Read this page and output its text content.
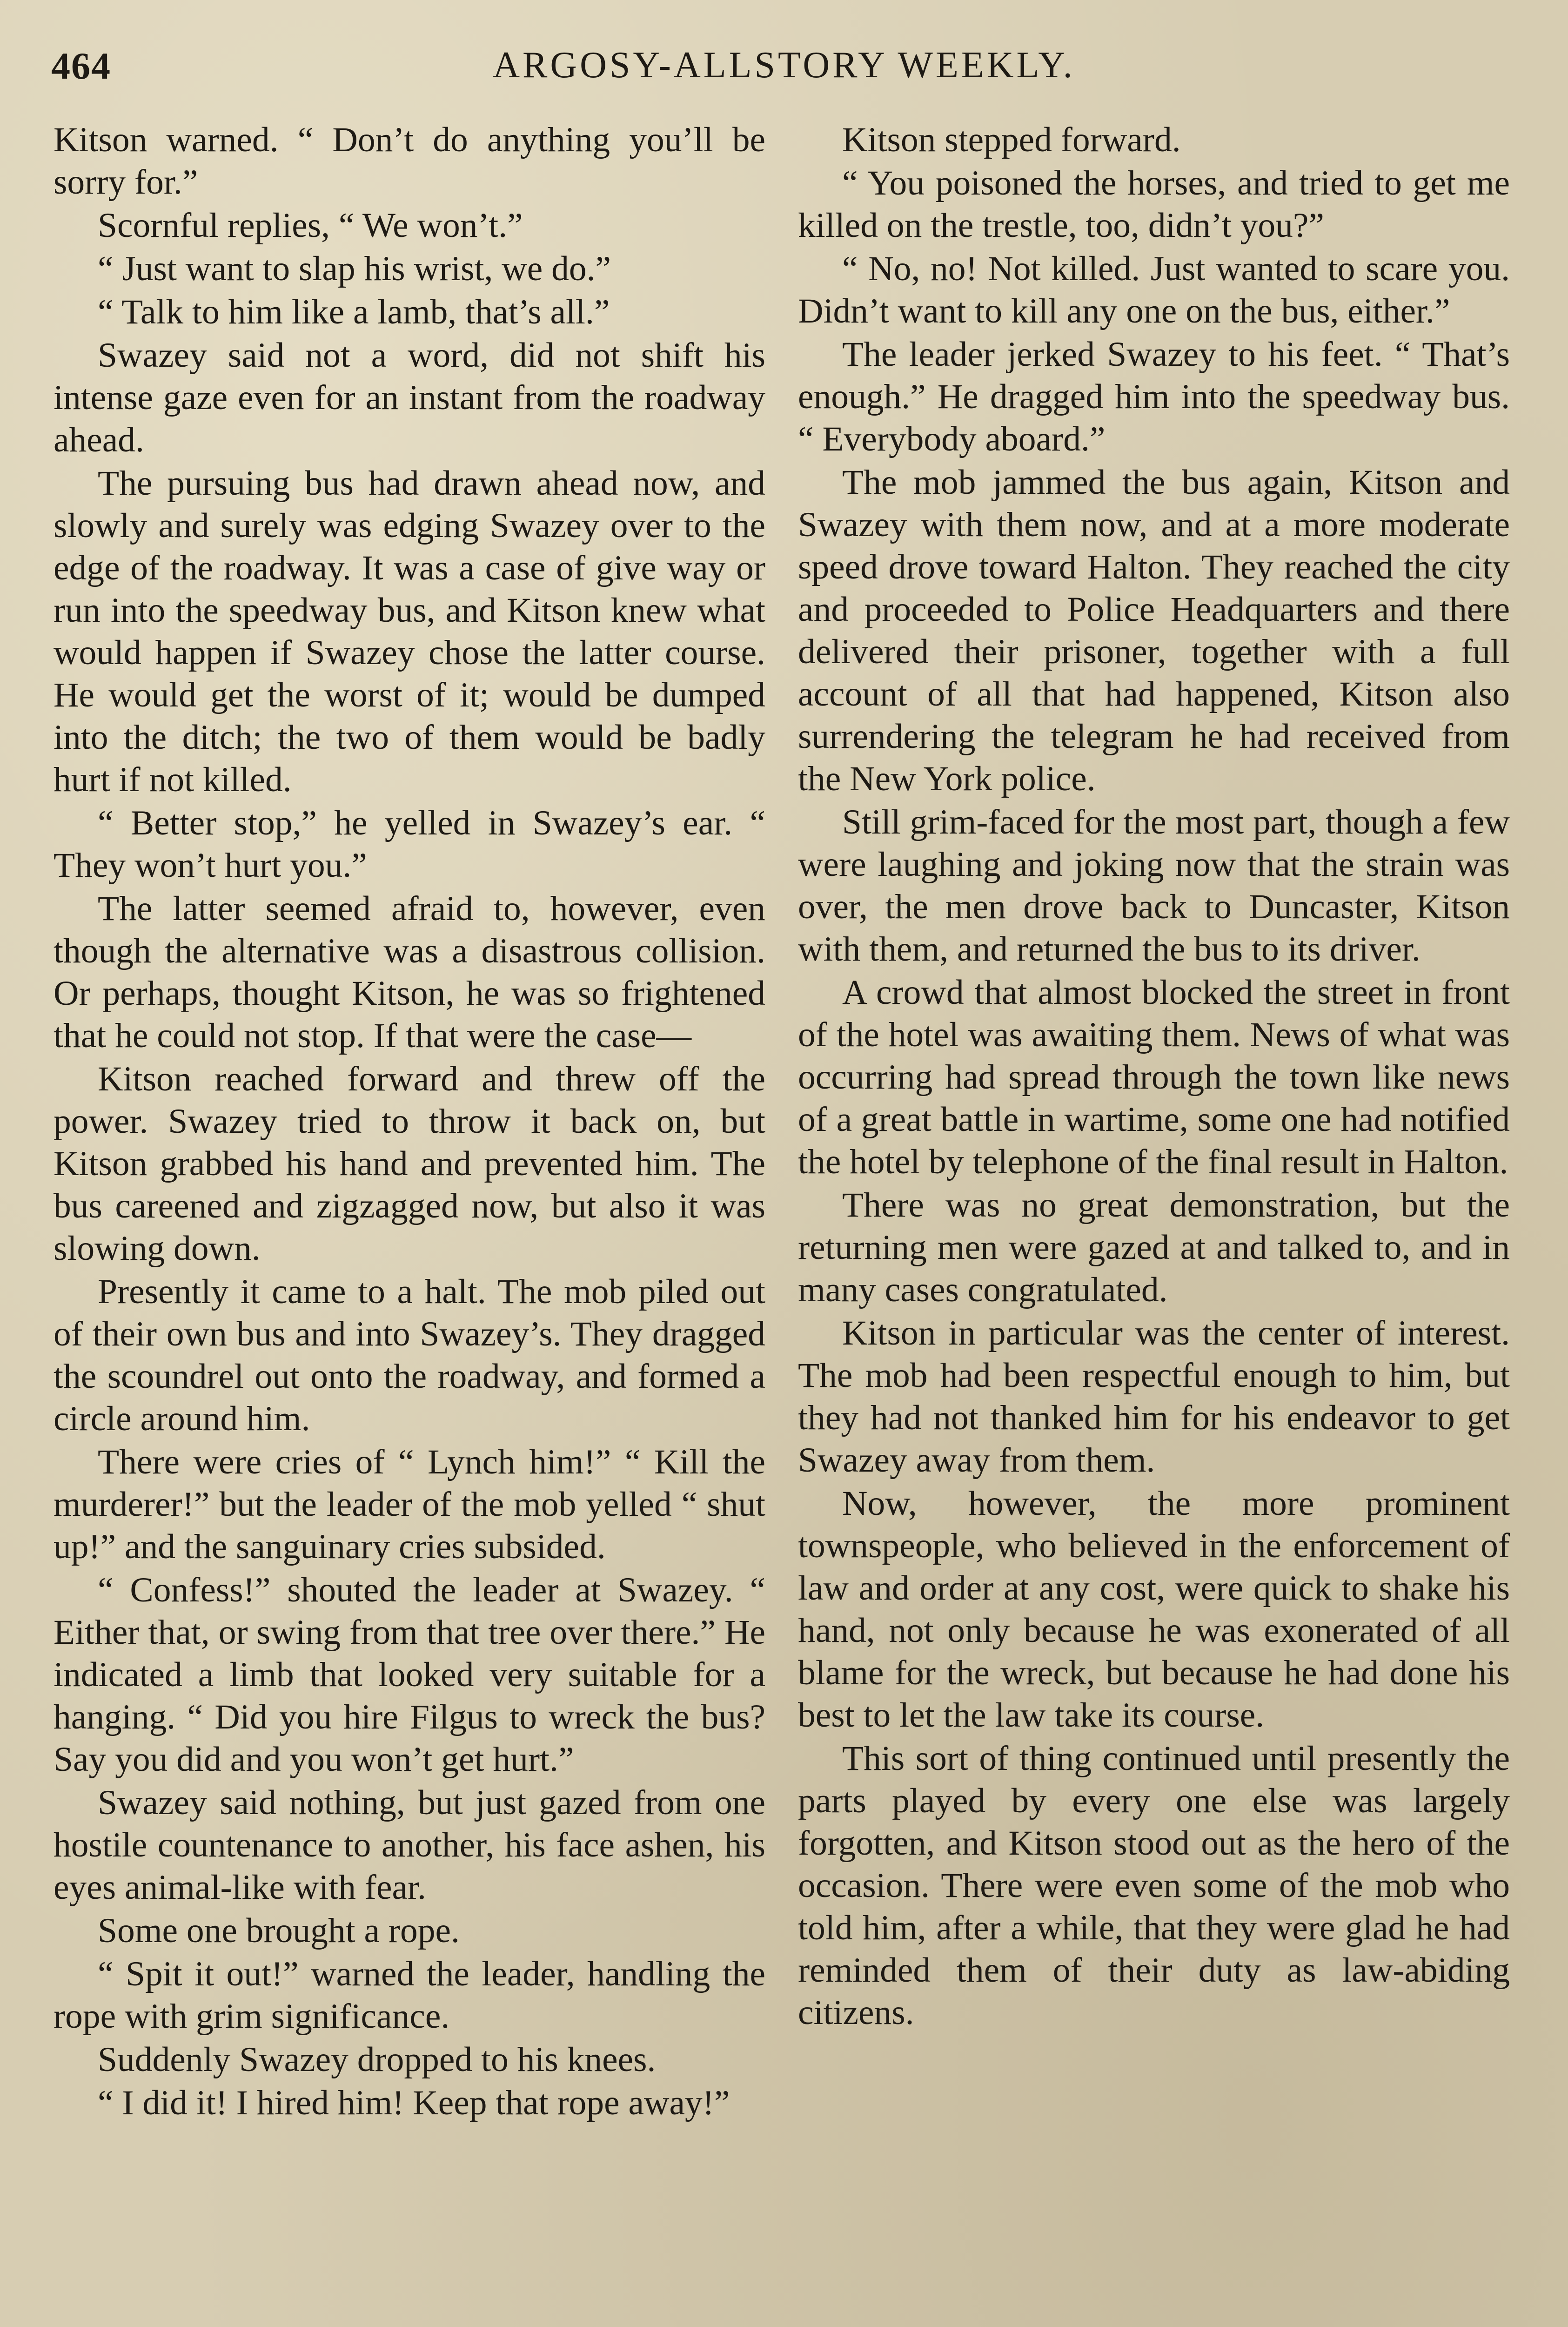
464	ARGOSY-ALLSTORY WEEKLY.

Kitson warned. “ Don’t do anything you’ll be sorry for.”

Scornful replies, “ We won’t.”

“ Just want to slap his wrist, we do.”

“ Talk to him like a lamb, that’s all.”

Swazey said not a word, did not shift his intense gaze even for an instant from the roadway ahead.

The pursuing bus had drawn ahead now, and slowly and surely was edging Swazey over to the edge of the roadway. It was a case of give way or run into the speedway bus, and Kitson knew what would happen if Swazey chose the latter course. He would get the worst of it; would be dumped into the ditch; the two of them would be badly hurt if not killed.

“ Better stop,” he yelled in Swazey’s ear. “ They won’t hurt you.”

The latter seemed afraid to, however, even though the alternative was a disastrous collision. Or perhaps, thought Kitson, he was so frightened that he could not stop. If that were the case—

Kitson reached forward and threw off the power. Swazey tried to throw it back on, but Kitson grabbed his hand and prevented him. The bus careened and zigzagged now, but also it was slowing down.

Presently it came to a halt. The mob piled out of their own bus and into Swazey’s. They dragged the scoundrel out onto the roadway, and formed a circle around him.

There were cries of “ Lynch him!” “ Kill the murderer!” but the leader of the mob yelled “ shut up!” and the sanguinary cries subsided.

“ Confess!” shouted the leader at Swazey. “ Either that, or swing from that tree over there.” He indicated a limb that looked very suitable for a hanging. “ Did you hire Filgus to wreck the bus? Say you did and you won’t get hurt.”

Swazey said nothing, but just gazed from one hostile countenance to another, his face ashen, his eyes animal-like with fear.

Some one brought a rope.

“ Spit it out!” warned the leader, handling the rope with grim significance.

Suddenly Swazey dropped to his knees.

“ I did it! I hired him! Keep that rope away!”

Kitson stepped forward.

“ You poisoned the horses, and tried to get me killed on the trestle, too, didn’t you?”

“ No, no! Not killed. Just wanted to scare you. Didn’t want to kill any one on the bus, either.”

The leader jerked Swazey to his feet. “ That’s enough.” He dragged him into the speedway bus. “ Everybody aboard.”

The mob jammed the bus again, Kitson and Swazey with them now, and at a more moderate speed drove toward Halton. They reached the city and proceeded to Police Headquarters and there delivered their prisoner, together with a full account of all that had happened, Kitson also surrendering the telegram he had received from the New York police.

Still grim-faced for the most part, though a few were laughing and joking now that the strain was over, the men drove back to Duncaster, Kitson with them, and returned the bus to its driver.

A crowd that almost blocked the street in front of the hotel was awaiting them. News of what was occurring had spread through the town like news of a great battle in wartime, some one had notified the hotel by telephone of the final result in Halton.

There was no great demonstration, but the returning men were gazed at and talked to, and in many cases congratulated.

Kitson in particular was the center of interest. The mob had been respectful enough to him, but they had not thanked him for his endeavor to get Swazey away from them.

Now, however, the more prominent townspeople, who believed in the enforcement of law and order at any cost, were quick to shake his hand, not only because he was exonerated of all blame for the wreck, but because he had done his best to let the law take its course.

This sort of thing continued until presently the parts played by every one else was largely forgotten, and Kitson stood out as the hero of the occasion. There were even some of the mob who told him, after a while, that they were glad he had reminded them of their duty as law-abiding citizens.
